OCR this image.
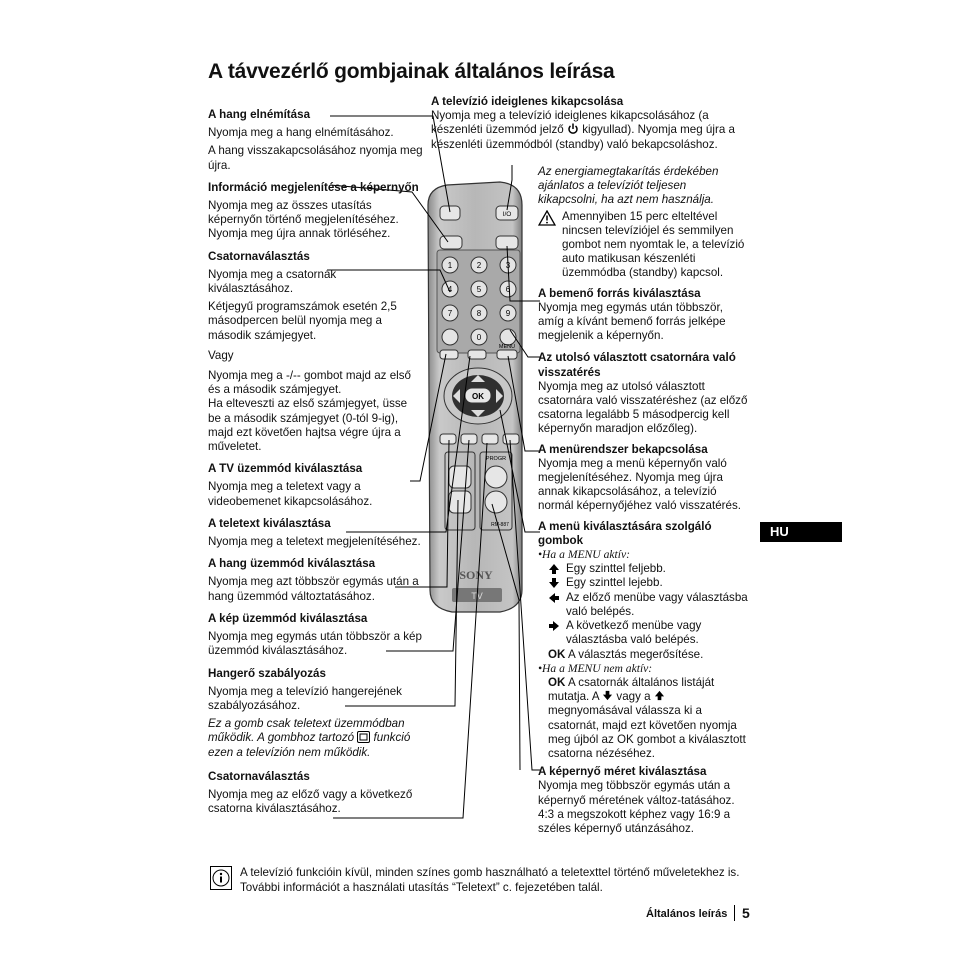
A távvezérlő gombjainak általános leírása
I/O
1	2	3
4	5	6
7	8	9
0
MENU
OK
PROGR
RM-887
SONY
TV

A hang elnémítása

Nyomja meg a hang elnémításához.

A hang visszakapcsolásához nyomja meg újra.

Információ megjelenítése a képernyőn

Nyomja meg az összes utasítás képernyőn történő megjelenítéséhez. Nyomja meg újra annak törléséhez.

Csatornaválasztás

Nyomja meg a csatornák kiválasztásához.

Kétjegyű programszámok esetén 2,5 másodpercen belül nyomja meg a második számjegyet.

Vagy

Nyomja meg a -/-- gombot majd az első és a második számjegyet.

Ha elteveszti az első számjegyet, üsse be a második számjegyet (0-tól 9-ig), majd ezt követően hajtsa végre újra a műveletet.

A TV üzemmód kiválasztása

Nyomja meg a teletext vagy a videobemenet kikapcsolásához.

A teletext kiválasztása

Nyomja meg a teletext megjelenítéséhez.

A hang üzemmód kiválasztása

Nyomja meg azt többször egymás után a hang üzemmód változtatásához.

A kép üzemmód kiválasztása

Nyomja meg egymás után többször a kép üzemmód kiválasztásához.

Hangerő szabályozás

Nyomja meg a televízió hangerejének szabályozásához.

Ez a gomb csak teletext üzemmódban működik. A gombhoz tartozó funkció ezen a televízión nem működik.

Csatornaválasztás

Nyomja meg az előző vagy a következő csatorna kiválasztásához.

A televízió ideiglenes kikapcsolása

Nyomja meg a televízió ideiglenes kikapcsolásához (a készenléti üzemmód jelző kigyullad). Nyomja meg újra a készenléti üzemmódból (standby) való bekapcsoláshoz.

Az energiamegtakarítás érdekében ajánlatos a televíziót teljesen kikapcsolni, ha azt nem használja.

Amennyiben 15 perc elteltével nincsen televíziójel és semmilyen gombot nem nyomtak le, a televízió auto matikusan készenléti üzemmódba (standby) kapcsol.

A bemenő forrás kiválasztása

Nyomja meg egymás után többször, amíg a kívánt bemenő forrás jelképe megjelenik a képernyőn.

Az utolsó választott csatornára való visszatérés

Nyomja meg az utolsó választott csatornára való visszatéréshez (az előző csatorna legalább 5 másodpercig kell képernyőn maradjon előzőleg).

A menürendszer bekapcsolása

Nyomja meg a menü képernyőn való megjelenítéséhez. Nyomja meg újra annak kikapcsolásához, a televízió normál képernyőjéhez való visszatérés.

A menü kiválasztására szolgáló gombok

•Ha a MENU aktív:

Egy szinttel feljebb.

Egy szinttel lejebb.

Az előző menübe vagy választásba való belépés.

A következő menübe vagy választásba való belépés.

OK A választás megerősítése.

•Ha a MENU nem aktív:

OK A csatornák általános listáját mutatja. A vagy a  megnyomásával válassza ki a csatornát, majd ezt követően nyomja meg újból az OK gombot a kiválasztott csatorna nézéséhez.

A képernyő méret kiválasztása

Nyomja meg többször egymás után a képernyő méretének változ-tatásához. 4:3 a megszokott képhez vagy 16:9 a széles képernyő utánzásához.

A televízió funkcióin kívül, minden színes gomb használható a teletexttel történő műveletekhez is. További információt a használati utasítás “Teletext” c. fejezetében talál.

HU
Általános leírás 5
